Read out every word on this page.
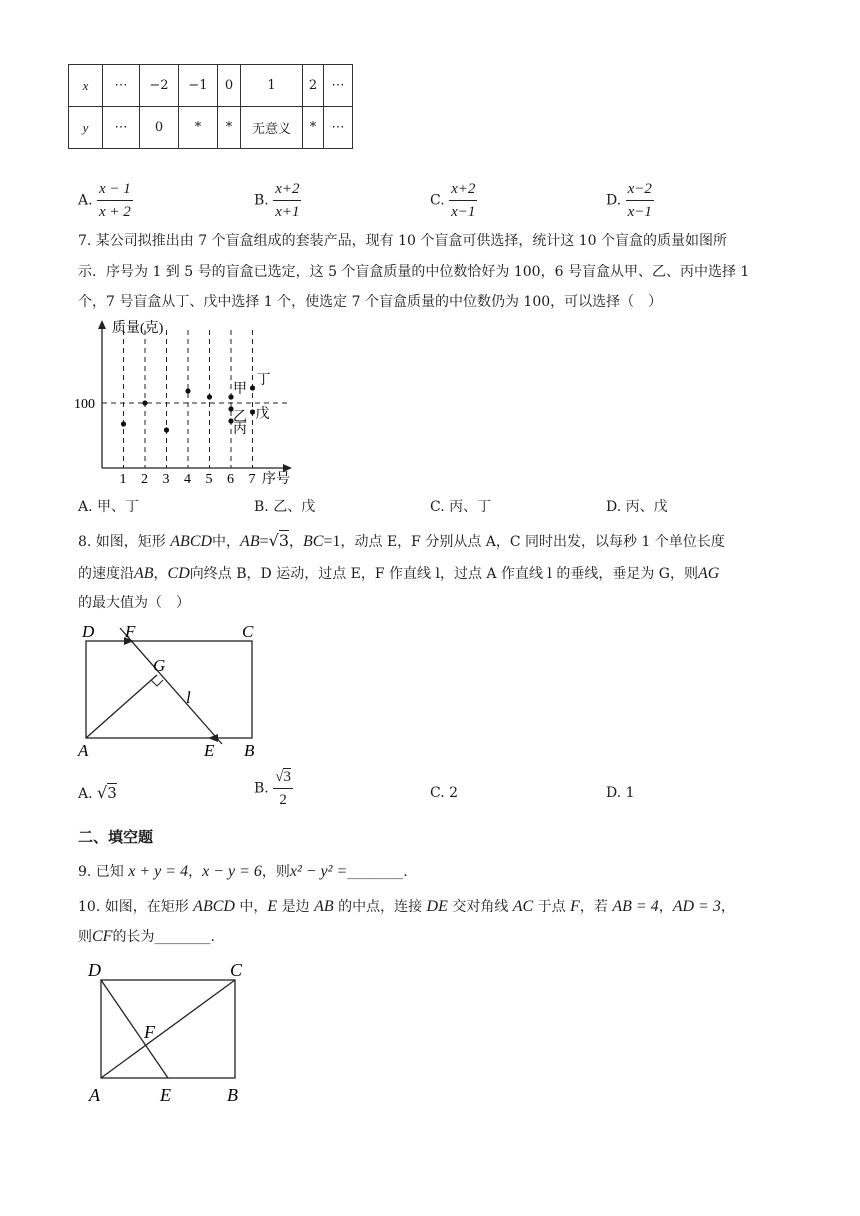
x	⋯	−2	−1	0	1	2	⋯
y	⋯	0	*	*	无意义	*	⋯
A. $\frac{x - 1}{x + 2}$	B. $\frac{x+2}{x+1}$	C. $\frac{x+2}{x-1}$	D. $\frac{x-2}{x-1}$
7. 某公司拟推出由 7 个盲盒组成的套装产品，现有 10 个盲盒可供选择，统计这 10 个盲盒的质量如图所
示．序号为 1 到 5 号的盲盒已选定，这 5 个盲盒质量的中位数恰好为 100，6 号盲盒从甲、乙、丙中选择 1
个，7 号盲盒从丁、戊中选择 1 个，使选定 7 个盲盒质量的中位数仍为 100，可以选择（　）
质量(克)
序号
100
1 2 3 4 5 6 7
甲
乙
丙
丁
戊
A. 甲、丁	B. 乙、戊	C. 丙、丁	D. 丙、戊
8. 如图，矩形 ABCD中，AB=√3，BC=1，动点 E，F 分别从点 A，C 同时出发，以每秒 1 个单位长度
的速度沿AB，CD向终点 B，D 运动，过点 E，F 作直线 l，过点 A 作直线 l 的垂线，垂足为 G，则AG
的最大值为（　）
D F	C
G
l
A	E B
A. √3	B. $\frac{√3}{2}$	C. 2	D. 1
二、填空题
9. 已知 x + y = 4，x − y = 6，则x² − y² =________.
10. 如图，在矩形 ABCD 中，E 是边 AB 的中点，连接 DE 交对角线 AC 于点 F，若 AB = 4，AD = 3，
则CF的长为________.
D	C
F
A	E	B
